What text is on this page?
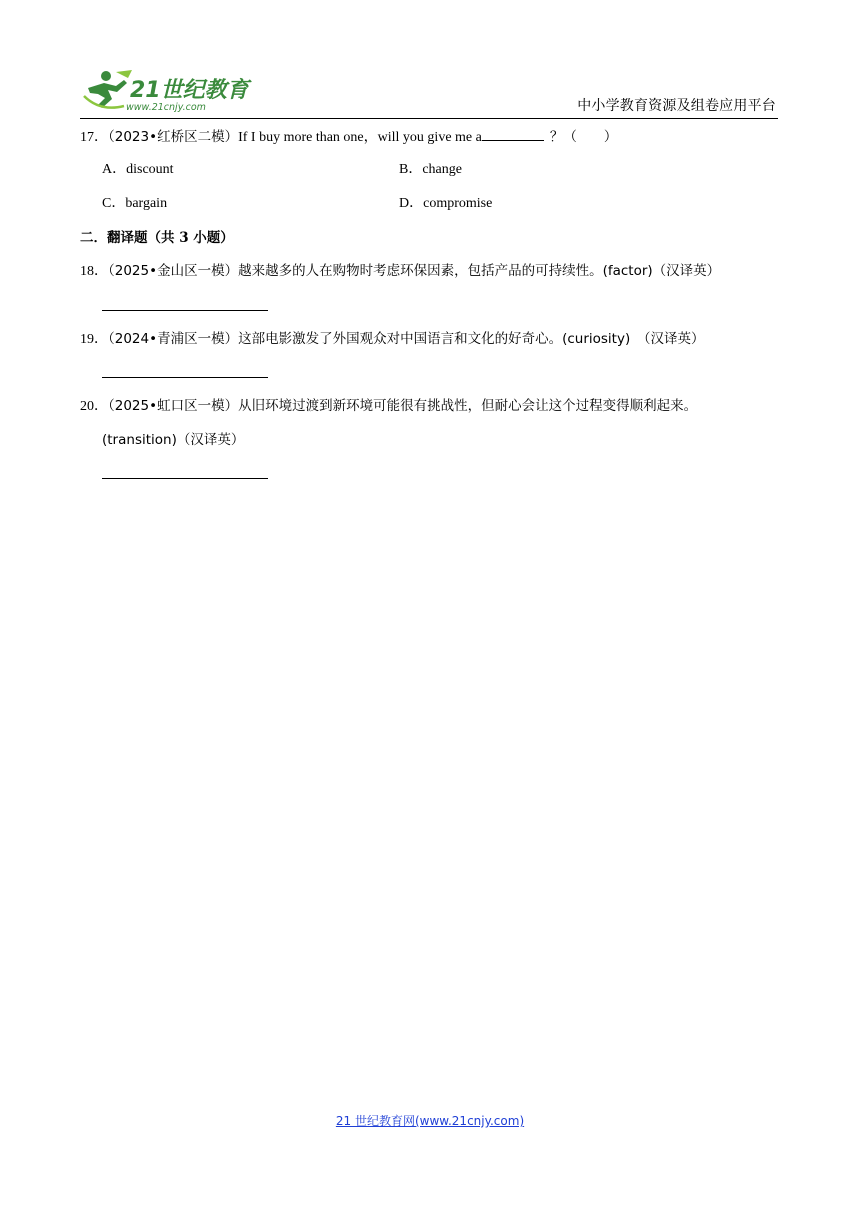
21世纪教育
www.21cnjy.com	中小学教育资源及组卷应用平台
17．（2023•红桥区二模）If I buy more than one，will you give me a	？（　　）
A．discount	B．change
C．bargain	D．compromise
二．翻译题（共 3 小题）
18．（2025•金山区一模）越来越多的人在购物时考虑环保因素，包括产品的可持续性。(factor)（汉译英）
19．（2024•青浦区一模）这部电影激发了外国观众对中国语言和文化的好奇心。(curiosity)　（汉译英）
20．（2025•虹口区一模）从旧环境过渡到新环境可能很有挑战性，但耐心会让这个过程变得顺利起来。
(transition)（汉译英）
21 世纪教育网(www.21cnjy.com)
